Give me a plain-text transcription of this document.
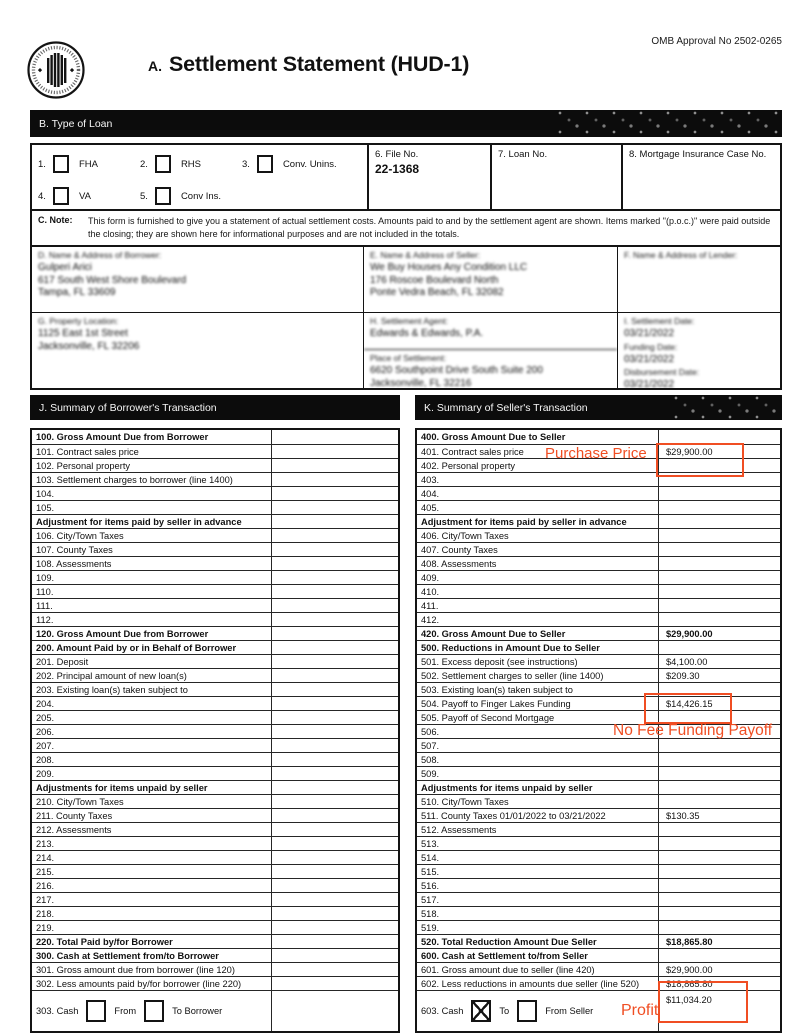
OMB Approval No 2502-0265
A. Settlement Statement (HUD-1)
B. Type of Loan
1.	FHA	2.	RHS	3.	Conv. Unins.
4.	VA	5.	Conv Ins.
6. File No.
22-1368
7. Loan No.	8. Mortgage Insurance Case No.
C. Note:	This form is furnished to give you a statement of actual settlement costs. Amounts paid to and by the settlement agent are shown. Items marked "(p.o.c.)" were paid outside the closing; they are shown here for informational purposes and are not included in the totals.
D. Name & Address of Borrower:
Gulperi Arici
617 South West Shore Boulevard
Tampa, FL 33609
E. Name & Address of Seller:
We Buy Houses Any Condition LLC
176 Roscoe Boulevard North
Ponte Vedra Beach, FL 32082
F. Name & Address of Lender:
G. Property Location:
1125 East 1st Street
Jacksonville, FL 32206
H. Settlement Agent:
Edwards & Edwards, P.A.
Place of Settlement:
6620 Southpoint Drive South Suite 200
Jacksonville, FL 32216
I. Settlement Date:
03/21/2022
Funding Date:
03/21/2022
Disbursement Date:
03/21/2022
J. Summary of Borrower's Transaction	K. Summary of Seller's Transaction
100. Gross Amount Due from Borrower
101. Contract sales price
102. Personal property
103. Settlement charges to borrower (line 1400)
104.
105.
Adjustment for items paid by seller in advance
106. City/Town Taxes
107. County Taxes
108. Assessments
109.
110.
111.
112.
120. Gross Amount Due from Borrower
200. Amount Paid by or in Behalf of Borrower
201. Deposit
202. Principal amount of new loan(s)
203. Existing loan(s) taken subject to
204.
205.
206.
207.
208.
209.
Adjustments for items unpaid by seller
210. City/Town Taxes
211. County Taxes
212. Assessments
213.
214.
215.
216.
217.
218.
219.
220. Total Paid by/for Borrower
300. Cash at Settlement from/to Borrower
301. Gross amount due from borrower (line 120)
302. Less amounts paid by/for borrower (line 220)
303. Cash	From	To Borrower
Purchase Price
No Fee Funding Payoff
Profit
400. Gross Amount Due to Seller
401. Contract sales price	$29,900.00
402. Personal property
403.
404.
405.
Adjustment for items paid by seller in advance
406. City/Town Taxes
407. County Taxes
408. Assessments
409.
410.
411.
412.
420. Gross Amount Due to Seller	$29,900.00
500. Reductions in Amount Due to Seller
501. Excess deposit (see instructions)	$4,100.00
502. Settlement charges to seller (line 1400)	$209.30
503. Existing loan(s) taken subject to
504. Payoff to Finger Lakes Funding	$14,426.15
505. Payoff of Second Mortgage
506.
507.
508.
509.
Adjustments for items unpaid by seller
510. City/Town Taxes
511. County Taxes 01/01/2022 to 03/21/2022	$130.35
512. Assessments
513.
514.
515.
516.
517.
518.
519.
520. Total Reduction Amount Due Seller	$18,865.80
600. Cash at Settlement to/from Seller
601. Gross amount due to seller (line 420)	$29,900.00
602. Less reductions in amounts due seller (line 520)	$18,865.80
603. Cash	To	From Seller
$11,034.20
